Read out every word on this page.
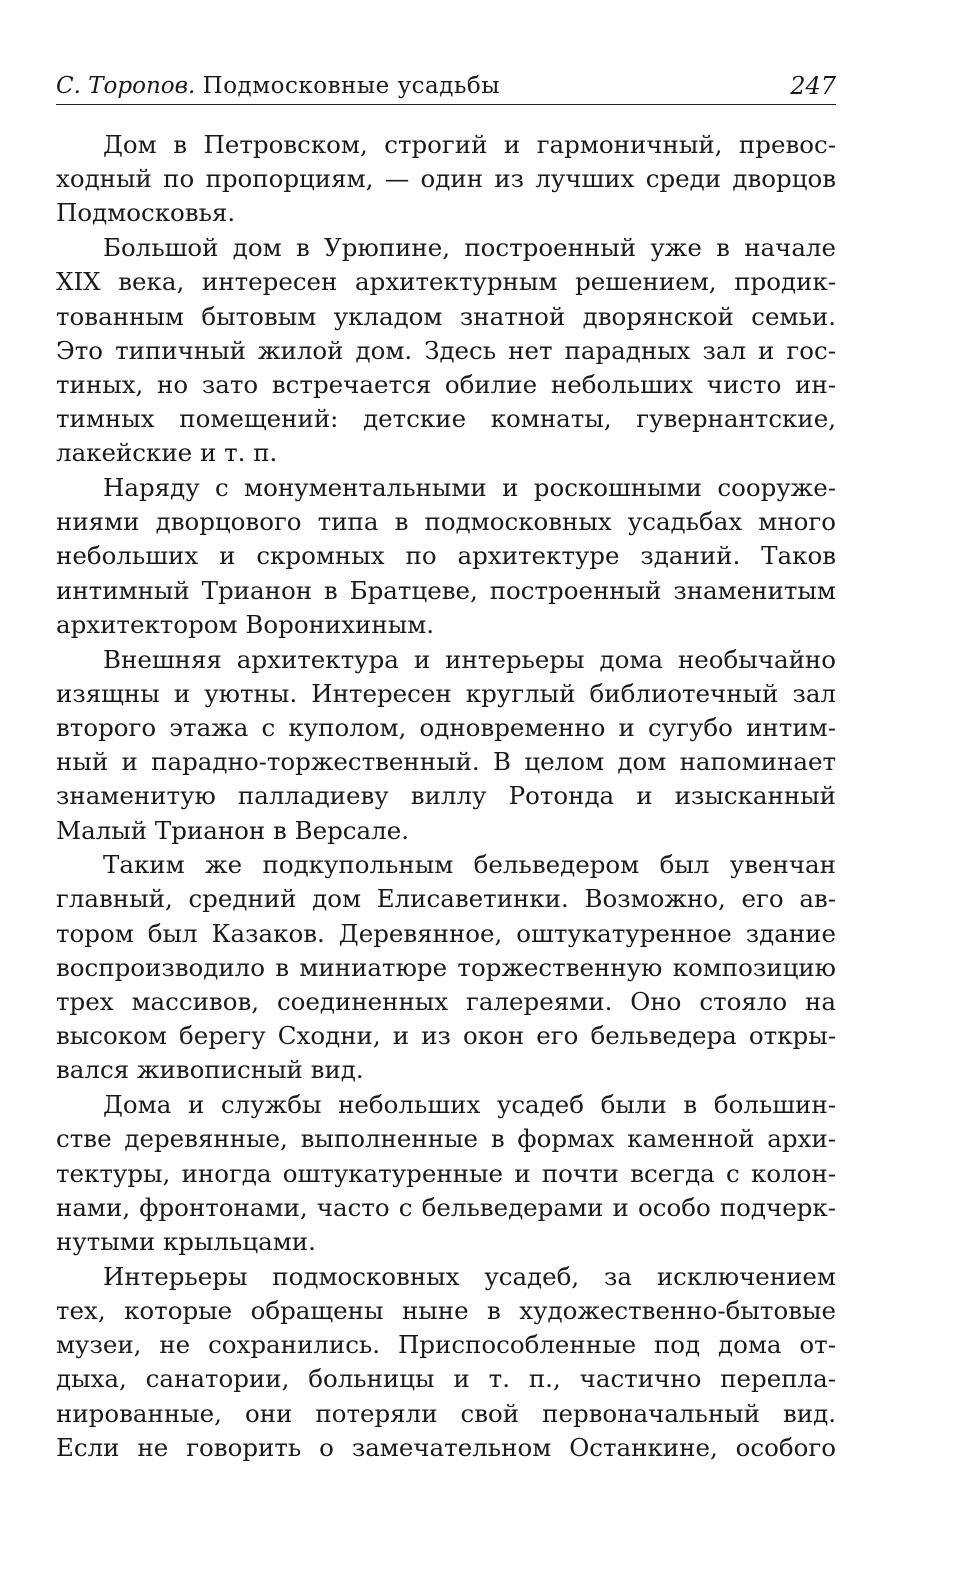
С. Торопов. Подмосковные усадьбы	247

Дом в Петровском, строгий и гармоничный, превос-
ходный по пропорциям, — один из лучших среди дворцов
Подмосковья.

Большой дом в Урюпине, построенный уже в начале
XIX века, интересен архитектурным решением, продик-
тованным бытовым укладом знатной дворянской семьи.
Это типичный жилой дом. Здесь нет парадных зал и гос-
тиных, но зато встречается обилие небольших чисто ин-
тимных помещений: детские комнаты, гувернантские,
лакейские и т. п.

Наряду с монументальными и роскошными сооруже-
ниями дворцового типа в подмосковных усадьбах много
небольших и скромных по архитектуре зданий. Таков
интимный Трианон в Братцеве, построенный знаменитым
архитектором Воронихиным.

Внешняя архитектура и интерьеры дома необычайно
изящны и уютны. Интересен круглый библиотечный зал
второго этажа с куполом, одновременно и сугубо интим-
ный и парадно-торжественный. В целом дом напоминает
знаменитую палладиеву виллу Ротонда и изысканный
Малый Трианон в Версале.

Таким же подкупольным бельведером был увенчан
главный, средний дом Елисаветинки. Возможно, его ав-
тором был Казаков. Деревянное, оштукатуренное здание
воспроизводило в миниатюре торжественную композицию
трех массивов, соединенных галереями. Оно стояло на
высоком берегу Сходни, и из окон его бельведера откры-
вался живописный вид.

Дома и службы небольших усадеб были в большин-
стве деревянные, выполненные в формах каменной архи-
тектуры, иногда оштукатуренные и почти всегда с колон-
нами, фронтонами, часто с бельведерами и особо подчерк-
нутыми крыльцами.

Интерьеры подмосковных усадеб, за исключением
тех, которые обращены ныне в художественно-бытовые
музеи, не сохранились. Приспособленные под дома от-
дыха, санатории, больницы и т. п., частично перепла-
нированные, они потеряли свой первоначальный вид.
Если не говорить о замечательном Останкине, особого
